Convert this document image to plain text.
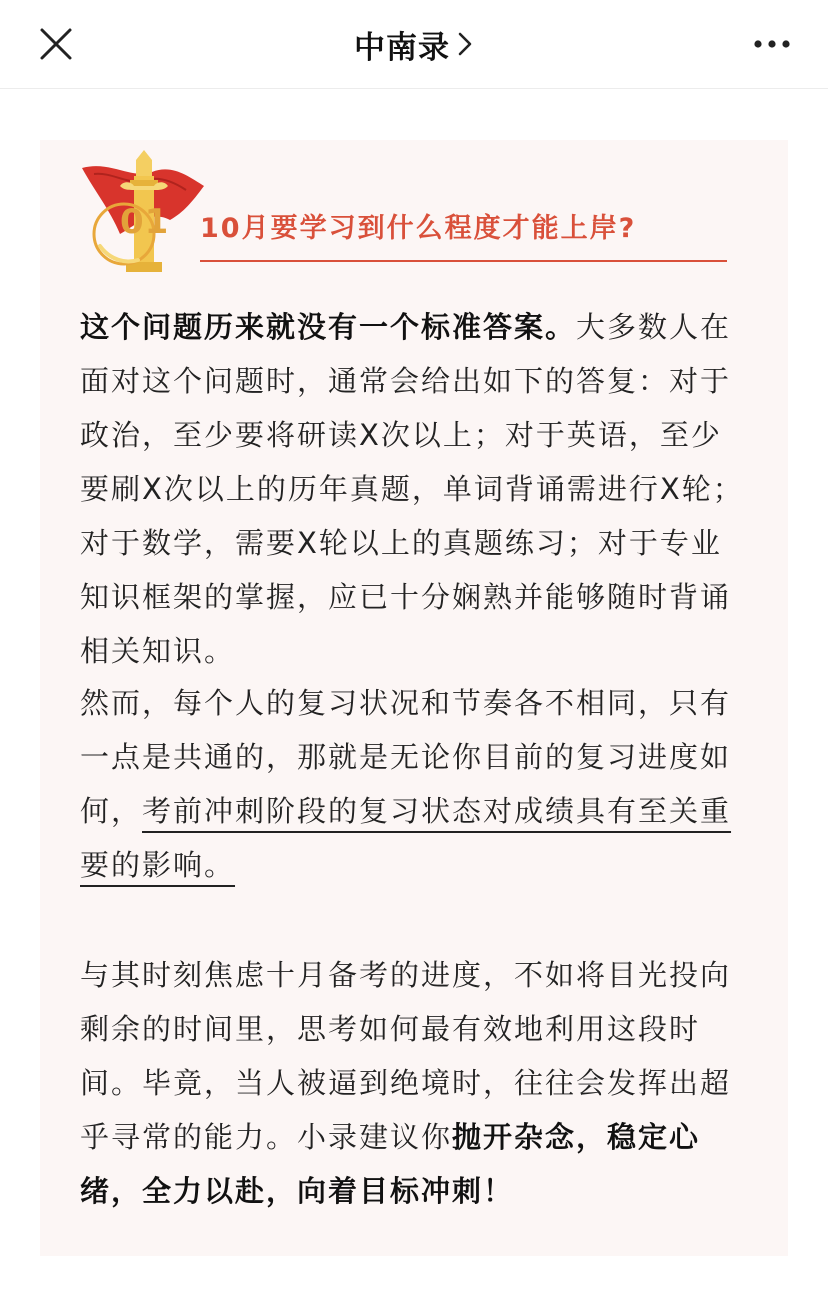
中南录
01 10月要学习到什么程度才能上岸?

这个问题历来就没有一个标准答案。大多数人在面对这个问题时，通常会给出如下的答复：对于政治，至少要将研读X次以上；对于英语，至少要刷X次以上的历年真题，单词背诵需进行X轮；对于数学，需要X轮以上的真题练习；对于专业知识框架的掌握，应已十分娴熟并能够随时背诵相关知识。

然而，每个人的复习状况和节奏各不相同，只有一点是共通的，那就是无论你目前的复习进度如何，考前冲刺阶段的复习状态对成绩具有至关重要的影响。

与其时刻焦虑十月备考的进度，不如将目光投向剩余的时间里，思考如何最有效地利用这段时间。毕竟，当人被逼到绝境时，往往会发挥出超乎寻常的能力。小录建议你抛开杂念，稳定心绪，全力以赴，向着目标冲刺！
